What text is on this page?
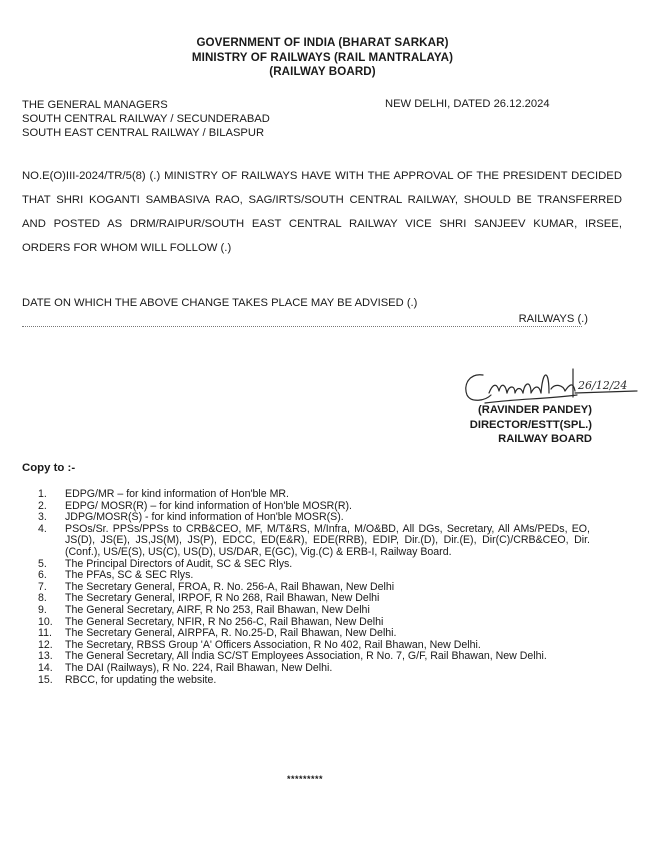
GOVERNMENT OF INDIA (BHARAT SARKAR)
MINISTRY OF RAILWAYS (RAIL MANTRALAYA)
(RAILWAY BOARD)
THE GENERAL MANAGERS
SOUTH CENTRAL RAILWAY / SECUNDERABAD
SOUTH EAST CENTRAL RAILWAY / BILASPUR
NEW DELHI, DATED 26.12.2024
NO.E(O)III-2024/TR/5(8) (.) MINISTRY OF RAILWAYS HAVE WITH THE APPROVAL OF THE PRESIDENT DECIDED THAT SHRI KOGANTI SAMBASIVA RAO, SAG/IRTS/SOUTH CENTRAL RAILWAY, SHOULD BE TRANSFERRED AND POSTED AS DRM/RAIPUR/SOUTH EAST CENTRAL RAILWAY VICE SHRI SANJEEV KUMAR, IRSEE, ORDERS FOR WHOM WILL FOLLOW (.)
DATE ON WHICH THE ABOVE CHANGE TAKES PLACE MAY BE ADVISED (.)
RAILWAYS (.)
26/12/24
(RAVINDER PANDEY)
DIRECTOR/ESTT(SPL.)
RAILWAY BOARD
Copy to :-
1.	EDPG/MR – for kind information of Hon'ble MR.
2.	EDPG/ MOSR(R) – for kind information of Hon'ble MOSR(R).
3.	JDPG/MOSR(S) - for kind information of Hon'ble MOSR(S).
4.	PSOs/Sr. PPSs/PPSs to CRB&CEO, MF, M/T&RS, M/Infra, M/O&BD, All DGs, Secretary, All AMs/PEDs, EO, JS(D), JS(E), JS,JS(M), JS(P), EDCC, ED(E&R), EDE(RRB), EDIP, Dir.(D), Dir.(E), Dir(C)/CRB&CEO, Dir.(Conf.), US/E(S), US(C), US(D), US/DAR, E(GC), Vig.(C) & ERB-I, Railway Board.
5.	The Principal Directors of Audit, SC & SEC Rlys.
6.	The PFAs, SC & SEC Rlys.
7.	The Secretary General, FROA, R. No. 256-A, Rail Bhawan, New Delhi
8.	The Secretary General, IRPOF, R No 268, Rail Bhawan, New Delhi
9.	The General Secretary, AIRF, R No 253, Rail Bhawan, New Delhi
10.	The General Secretary, NFIR, R No 256-C, Rail Bhawan, New Delhi
11.	The Secretary General, AIRPFA, R. No.25-D, Rail Bhawan, New Delhi.
12.	The Secretary, RBSS Group 'A' Officers Association, R No 402, Rail Bhawan, New Delhi.
13.	The General Secretary, All India SC/ST Employees Association, R No. 7, G/F, Rail Bhawan, New Delhi.
14.	The DAI (Railways), R No. 224, Rail Bhawan, New Delhi.
15.	RBCC, for updating the website.
*********
